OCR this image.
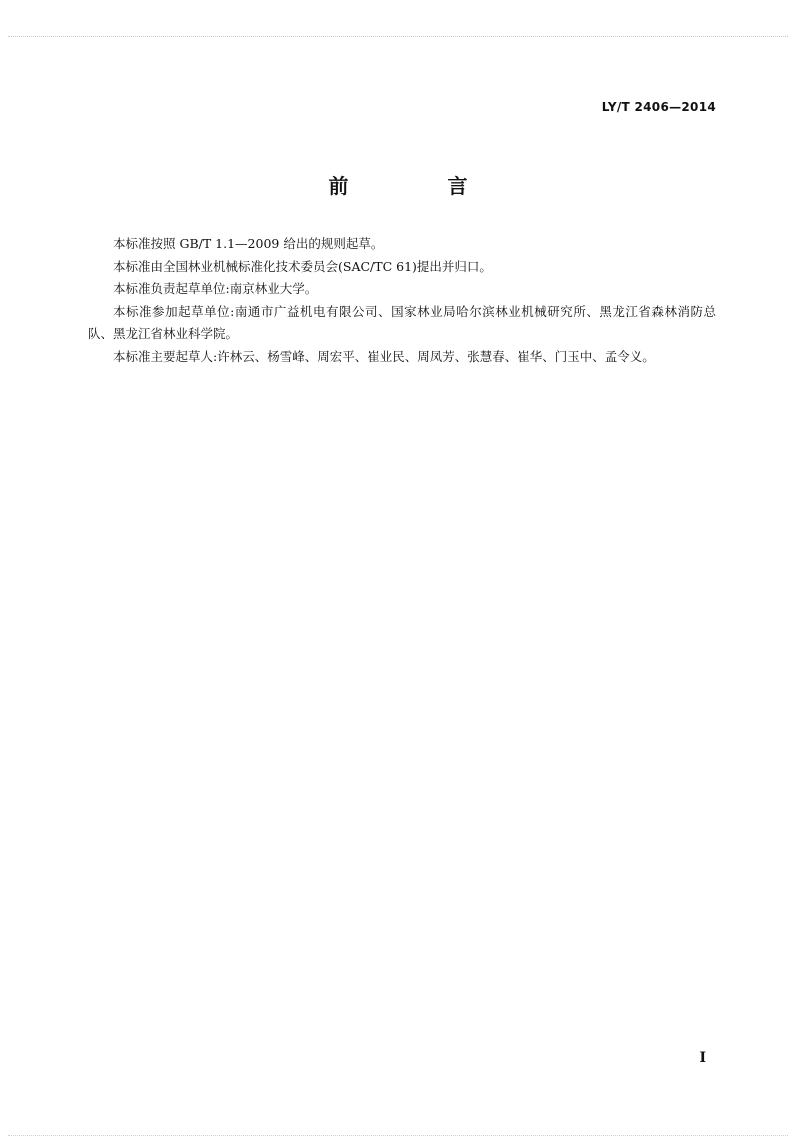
LY/T 2406—2014
前 言

本标准按照 GB/T 1.1—2009 给出的规则起草。

本标准由全国林业机械标准化技术委员会(SAC/TC 61)提出并归口。

本标准负责起草单位:南京林业大学。

本标准参加起草单位:南通市广益机电有限公司、国家林业局哈尔滨林业机械研究所、黑龙江省森林消防总队、黑龙江省林业科学院。

本标准主要起草人:许林云、杨雪峰、周宏平、崔业民、周凤芳、张慧春、崔华、门玉中、孟令义。

I
